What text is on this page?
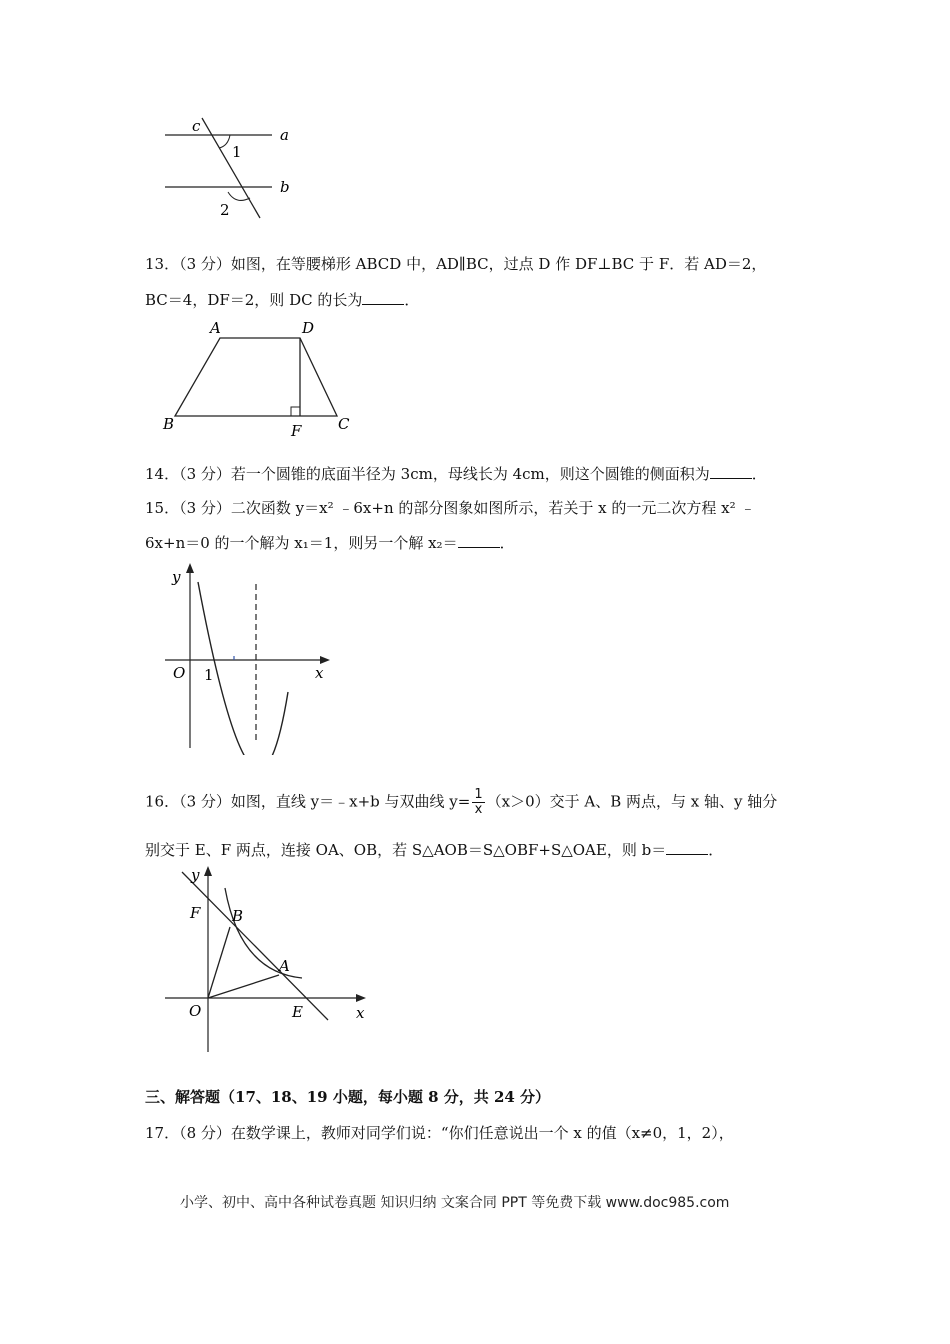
c	a
b
1
2
13．（3 分）如图，在等腰梯形 ABCD 中，AD∥BC，过点 D 作 DF⊥BC 于 F．若 AD＝2，
BC＝4，DF＝2，则 DC 的长为	．
A	D
B	F C
14．（3 分）若一个圆锥的底面半径为 3cm，母线长为 4cm，则这个圆锥的侧面积为	．
15．（3 分）二次函数 y＝x² ﹣6x+n 的部分图象如图所示，若关于 x 的一元二次方程 x² ﹣
6x+n＝0 的一个解为 x₁＝1，则另一个解 x₂＝	．
y
x
O 1
16．（3 分）如图，直线 y＝﹣x+b 与双曲线 $y= \frac{1}{x} (x>0)$交于 A、B 两点，与 x 轴、y 轴分
别交于 E、F 两点，连接 OA、OB，若 S△AOB＝S△OBF+S△OAE，则 b＝	．
y
F B
A
O	E	x
三、解答题（17、18、19 小题，每小题 8 分，共 24 分）
17．（8 分）在数学课上，教师对同学们说：“你们任意说出一个 x 的值（x≠0，1，2），
小学、初中、高中各种试卷真题 知识归纳 文案合同 PPT 等免费下载 www.doc985.com
